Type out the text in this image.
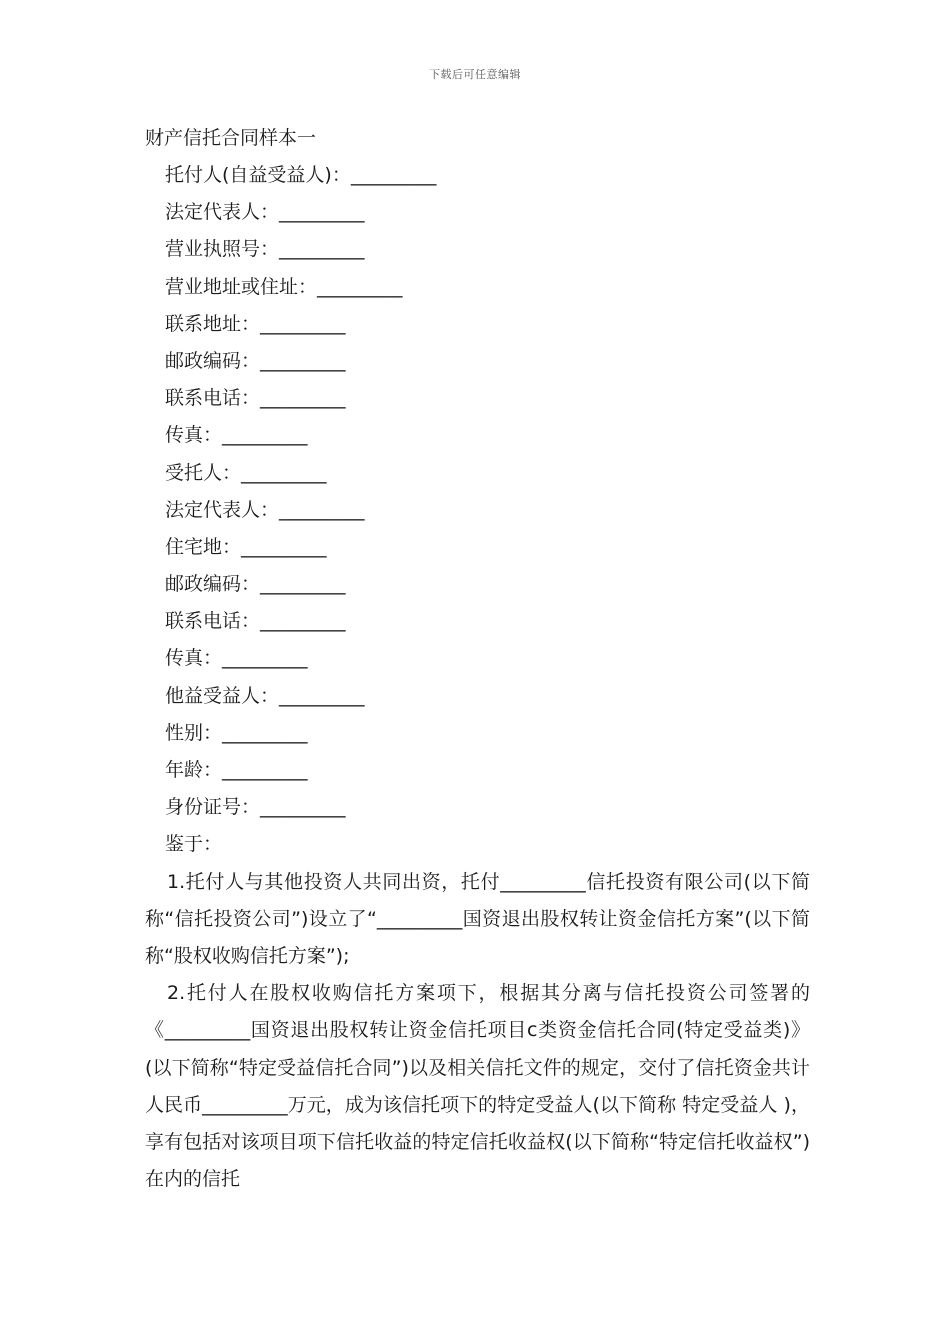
下载后可任意编辑
财产信托合同样本一
托付人(自益受益人)：_________
法定代表人：_________
营业执照号：_________
营业地址或住址：_________
联系地址：_________
邮政编码：_________
联系电话：_________
传真：_________
受托人：_________
法定代表人：_________
住宅地：_________
邮政编码：_________
联系电话：_________
传真：_________
他益受益人：_________
性别：_________
年龄：_________
身份证号：_________
鉴于：

1.托付人与其他投资人共同出资，托付_________信托投资有限公司(以下简称“信托投资公司”)设立了“_________国资退出股权转让资金信托方案”(以下简称“股权收购信托方案”);

2.托付人在股权收购信托方案项下，根据其分离与信托投资公司签署的《_________国资退出股权转让资金信托项目c类资金信托合同(特定受益类)》(以下简称“特定受益信托合同”)以及相关信托文件的规定，交付了信托资金共计人民币_________万元，成为该信托项下的特定受益人(以下简称 特定受益人 )，享有包括对该项目项下信托收益的特定信托收益权(以下简称“特定信托收益权”)在内的信托
